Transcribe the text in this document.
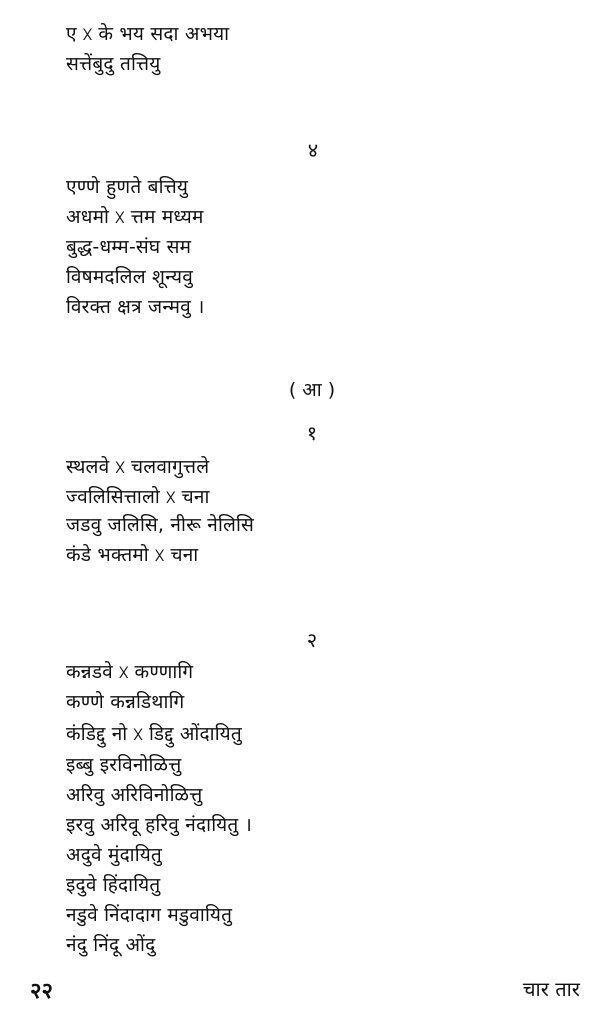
ए ᳵ के भय सदा अभया
सत्तेंबुदु तत्तियु
४
एण्णे हुणते बत्तियु
अधमो ᳵ त्तम मध्यम
बुद्ध-धम्म-संघ सम
विषमदलिल शून्यवु
विरक्त क्षत्र जन्मवु ।
( आ )
१
स्थलवे ᳵ चलवागुत्तले
ज्वलिसित्तालो ᳵ चना
जडवु जलिसि, नीरू नेलिसि
कंडे भक्तमो ᳵ चना
२
कन्नडवे ᳵ कण्णागि
कण्णे कन्नडिथागि
कंडिद्दु नो ᳵ डिद्दु ओंदायितु
इब्बु इरविनोळित्तु
अरिवु अरिविनोळित्तु
इरवु अरिवू हरिवु नंदायितु ।
अदुवे मुंदायितु
इदुवे हिंदायितु
नडुवे निंदादाग मडुवायितु
नंदु निंदू ओंदु
२२	चार तार
